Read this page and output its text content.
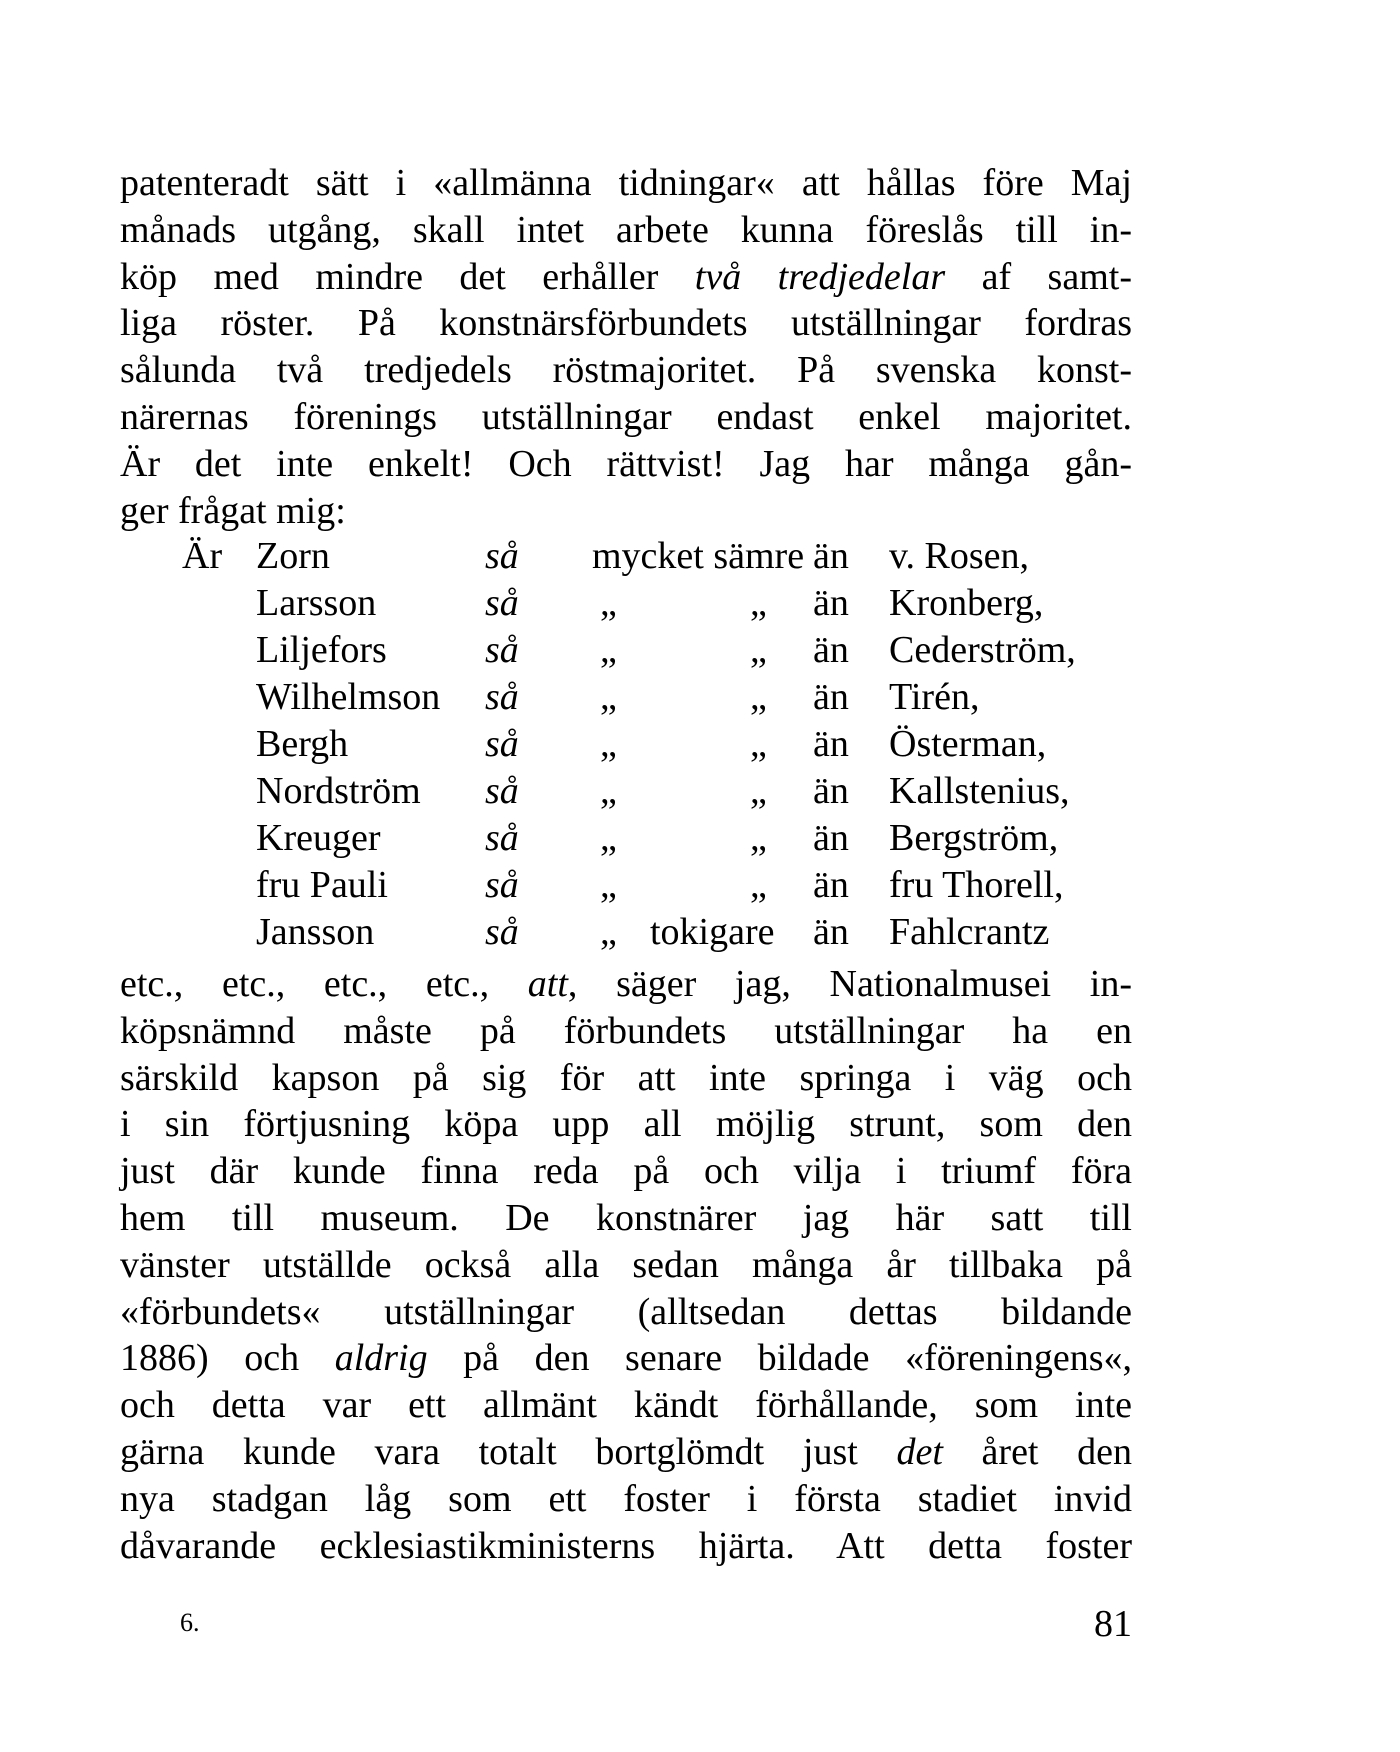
patenteradt sätt i «allmänna tidningar« att hållas före Maj
månads utgång, skall intet arbete kunna föreslås till in-
köp med mindre det erhåller två tredjedelar af samt-
liga röster. På konstnärsförbundets utställningar fordras
sålunda två tredjedels röstmajoritet. På svenska konst-
närernas förenings utställningar endast enkel majoritet.
Är det inte enkelt! Och rättvist! Jag har många gån-
ger frågat mig:
Är Zorn	så mycket sämre än v. Rosen,
Larsson	så „	„ än Kronberg,
Liljefors	så „	„ än Cederström,
Wilhelmson så „	„ än Tirén,
Bergh	så „	„ än Österman,
Nordström så „	„ än Kallstenius,
Kreuger	så „	„ än Bergström,
fru Pauli	så „	„ än fru Thorell,
Jansson	så „ tokigare än Fahlcrantz
etc., etc., etc., etc., att, säger jag, Nationalmusei in-
köpsnämnd måste på förbundets utställningar ha en
särskild kapson på sig för att inte springa i väg och
i sin förtjusning köpa upp all möjlig strunt, som den
just där kunde finna reda på och vilja i triumf föra
hem till museum. De konstnärer jag här satt till
vänster utställde också alla sedan många år tillbaka på
«förbundets« utställningar (alltsedan dettas bildande
1886) och aldrig på den senare bildade «föreningens«,
och detta var ett allmänt kändt förhållande, som inte
gärna kunde vara totalt bortglömdt just det året den
nya stadgan låg som ett foster i första stadiet invid
dåvarande ecklesiastikministerns hjärta. Att detta foster
6.	81
